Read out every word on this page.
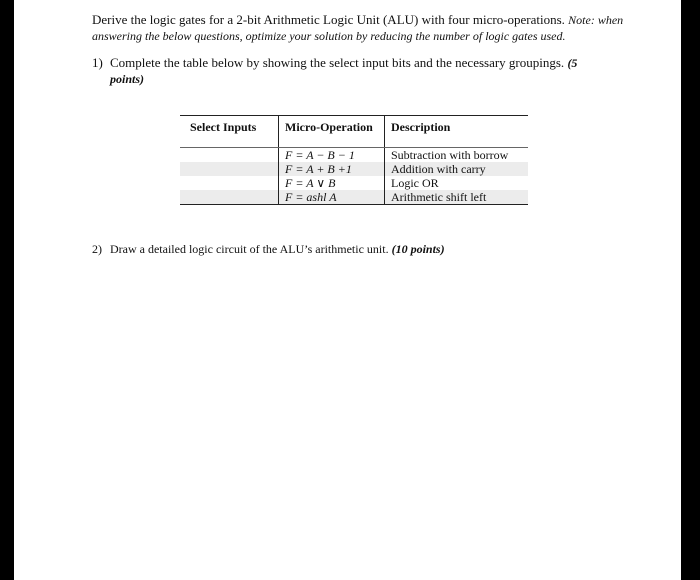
Derive the logic gates for a 2-bit Arithmetic Logic Unit (ALU) with four micro-operations. Note: when answering the below questions, optimize your solution by reducing the number of logic gates used.
1) Complete the table below by showing the select input bits and the necessary groupings. (5
points)
Select Inputs	Micro-Operation	Description

	F = A − B − 1	Subtraction with borrow
	F = A + B +1	Addition with carry
	F = A ∨ B	Logic OR
	F = ashl A	Arithmetic shift left
2) Draw a detailed logic circuit of the ALU’s arithmetic unit. (10 points)
